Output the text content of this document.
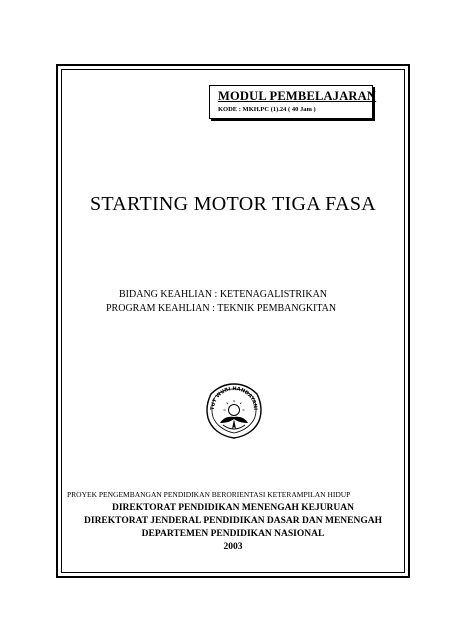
MODUL PEMBELAJARAN
KODE : MKH.PC (1).24 ( 40 Jam )
STARTING MOTOR TIGA FASA
BIDANG KEAHLIAN : KETENAGALISTRIKAN
PROGRAM KEAHLIAN : TEKNIK PEMBANGKITAN
TUT WURI HANDAYANI
PROYEK PENGEMBANGAN PENDIDIKAN BERORIENTASI KETERAMPILAN HIDUP
DIREKTORAT PENDIDIKAN MENENGAH KEJURUAN
DIREKTORAT JENDERAL PENDIDIKAN DASAR DAN MENENGAH
DEPARTEMEN PENDIDIKAN NASIONAL
2003
